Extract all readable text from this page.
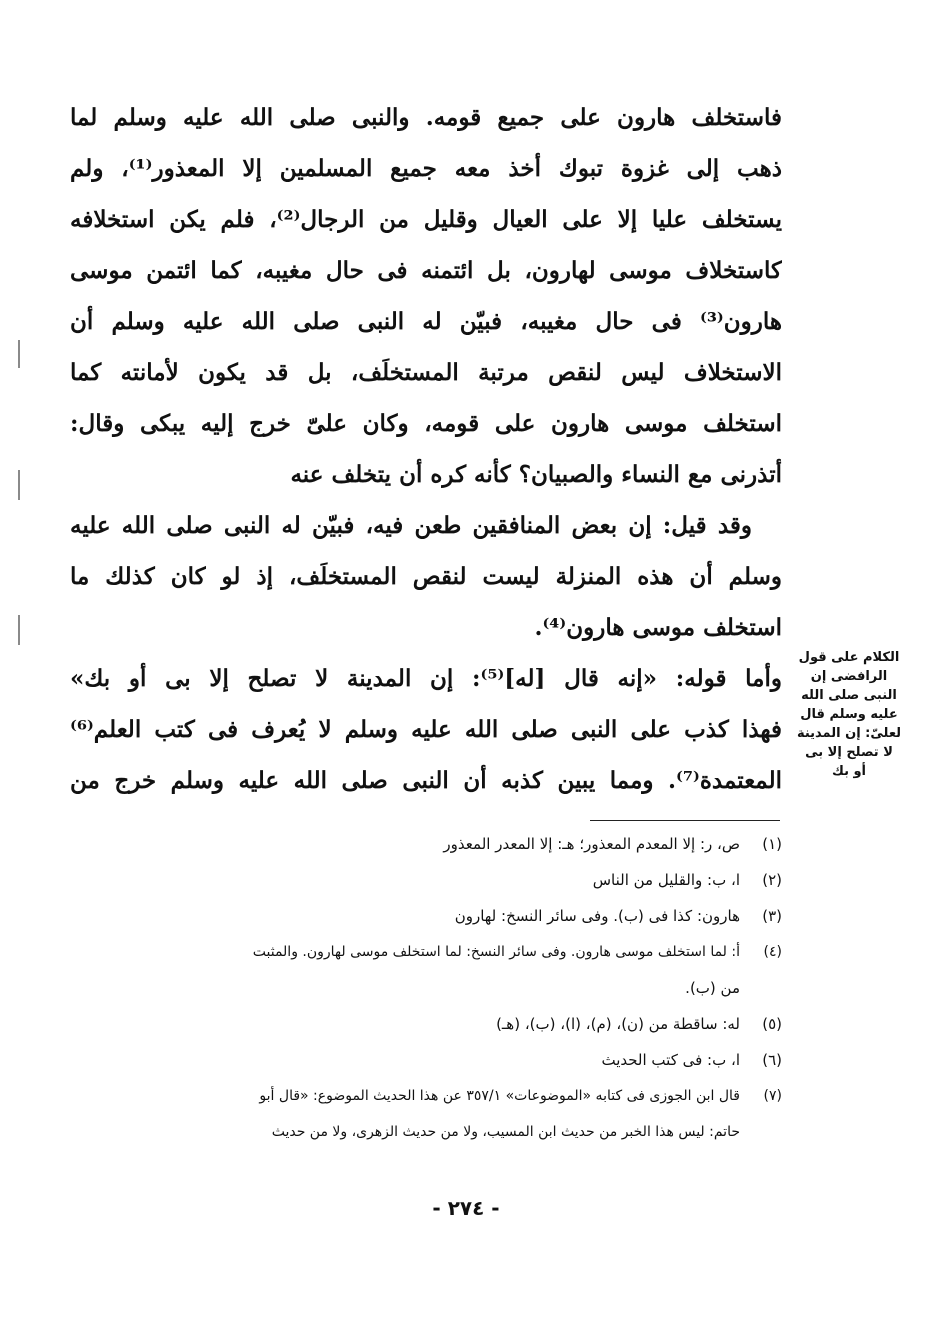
فاستخلف هارون على جميع قومه. والنبى صلى الله عليه وسلم لما
ذهب إلى غزوة تبوك أخذ معه جميع المسلمين إلا المعذور⁽¹⁾، ولم
يستخلف عليا إلا على العيال وقليل من الرجال⁽²⁾، فلم يكن استخلافه
كاستخلاف موسى لهارون، بل ائتمنه فى حال مغيبه، كما ائتمن موسى
هارون⁽³⁾ فى حال مغيبه، فبيّن له النبى صلى الله عليه وسلم أن
الاستخلاف ليس لنقص مرتبة المستخلَف، بل قد يكون لأمانته كما
استخلف موسى هارون على قومه، وكان علىّ خرج إليه يبكى وقال:
أتذرنى مع النساء والصبيان؟ كأنه كره أن يتخلف عنه
وقد قيل: إن بعض المنافقين طعن فيه، فبيّن له النبى صلى الله عليه
وسلم أن هذه المنزلة ليست لنقص المستخلَف، إذ لو كان كذلك ما
استخلف موسى هارون⁽⁴⁾.
وأما قوله: «إنه قال [له]⁽⁵⁾: إن المدينة لا تصلح إلا بى أو بك»
فهذا كذب على النبى صلى الله عليه وسلم لا يُعرف فى كتب العلم⁽⁶⁾
المعتمدة⁽⁷⁾. ومما يبين كذبه أن النبى صلى الله عليه وسلم خرج من
الكلام على قول
الرافضى إن
النبى صلى الله
عليه وسلم قال
لعلىّ: إن المدينة
لا تصلح إلا بى
أو بك
(١)ص، ر: إلا المعدم المعذور؛ هـ: إلا المعدر المعذور
(٢)ا، ب: والقليل من الناس
(٣)هارون: كذا فى (ب). وفى سائر النسخ: لهارون
(٤)أ: لما استخلف موسى هارون. وفى سائر النسخ: لما استخلف موسى لهارون. والمثبت
من (ب).
(٥)له: ساقطة من (ن)، (م)، (ا)، (ب)، (هـ)
(٦)ا، ب: فى كتب الحديث
(٧)قال ابن الجوزى فى كتابه «الموضوعات» ٣٥٧/١ عن هذا الحديث الموضوع: «قال أبو
حاتم: ليس هذا الخبر من حديث ابن المسيب، ولا من حديث الزهرى، ولا من حديث
- ٢٧٤ -
